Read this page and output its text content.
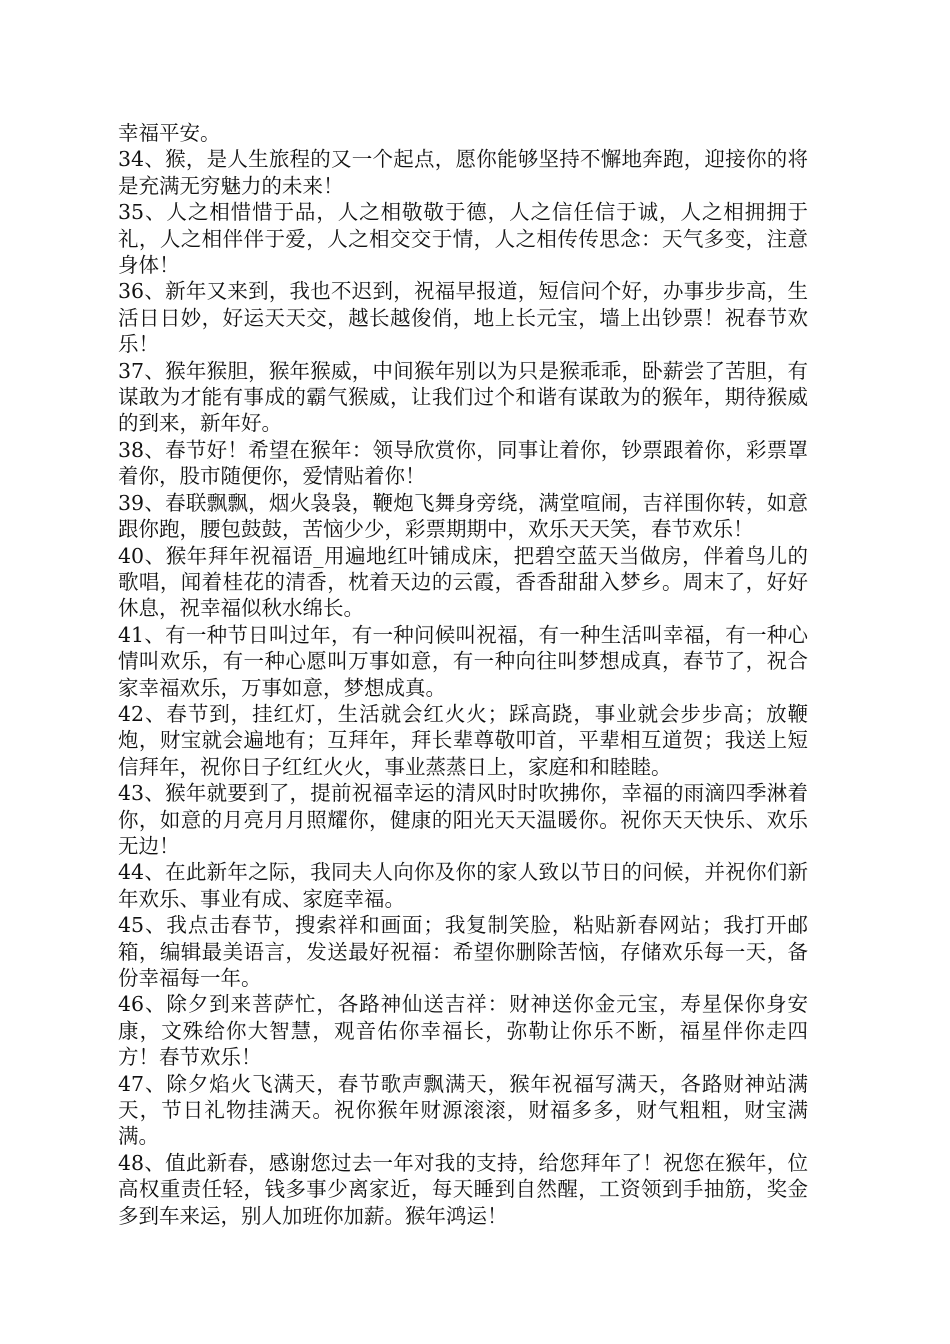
幸福平安。

34、猴，是人生旅程的又一个起点，愿你能够坚持不懈地奔跑，迎接你的将是充满无穷魅力的未来！

35、人之相惜惜于品，人之相敬敬于德，人之信任信于诚，人之相拥拥于礼，人之相伴伴于爱，人之相交交于情，人之相传传思念：天气多变，注意身体！

36、新年又来到，我也不迟到，祝福早报道，短信问个好，办事步步高，生活日日妙，好运天天交，越长越俊俏，地上长元宝，墙上出钞票！祝春节欢乐！

37、猴年猴胆，猴年猴威，中间猴年别以为只是猴乖乖，卧薪尝了苦胆，有谋敢为才能有事成的霸气猴威，让我们过个和谐有谋敢为的猴年，期待猴威的到来，新年好。

38、春节好！希望在猴年：领导欣赏你，同事让着你，钞票跟着你，彩票罩着你，股市随便你，爱情贴着你！

39、春联飘飘，烟火袅袅，鞭炮飞舞身旁绕，满堂喧闹，吉祥围你转，如意跟你跑，腰包鼓鼓，苦恼少少，彩票期期中，欢乐天天笑，春节欢乐！

40、猴年拜年祝福语_用遍地红叶铺成床，把碧空蓝天当做房，伴着鸟儿的歌唱，闻着桂花的清香，枕着天边的云霞，香香甜甜入梦乡。周末了，好好休息，祝幸福似秋水绵长。

41、有一种节日叫过年，有一种问候叫祝福，有一种生活叫幸福，有一种心情叫欢乐，有一种心愿叫万事如意，有一种向往叫梦想成真，春节了，祝合家幸福欢乐，万事如意，梦想成真。

42、春节到，挂红灯，生活就会红火火；踩高跷，事业就会步步高；放鞭炮，财宝就会遍地有；互拜年，拜长辈尊敬叩首，平辈相互道贺；我送上短信拜年，祝你日子红红火火，事业蒸蒸日上，家庭和和睦睦。

43、猴年就要到了，提前祝福幸运的清风时时吹拂你，幸福的雨滴四季淋着你，如意的月亮月月照耀你，健康的阳光天天温暖你。祝你天天快乐、欢乐无边！

44、在此新年之际，我同夫人向你及你的家人致以节日的问候，并祝你们新年欢乐、事业有成、家庭幸福。

45、我点击春节，搜索祥和画面；我复制笑脸，粘贴新春网站；我打开邮箱，编辑最美语言，发送最好祝福：希望你删除苦恼，存储欢乐每一天，备份幸福每一年。

46、除夕到来菩萨忙，各路神仙送吉祥：财神送你金元宝，寿星保你身安康，文殊给你大智慧，观音佑你幸福长，弥勒让你乐不断，福星伴你走四方！春节欢乐！

47、除夕焰火飞满天，春节歌声飘满天，猴年祝福写满天，各路财神站满天，节日礼物挂满天。祝你猴年财源滚滚，财福多多，财气粗粗，财宝满满。

48、值此新春，感谢您过去一年对我的支持，给您拜年了！祝您在猴年，位高权重责任轻，钱多事少离家近，每天睡到自然醒，工资领到手抽筋，奖金多到车来运，别人加班你加薪。猴年鸿运！
